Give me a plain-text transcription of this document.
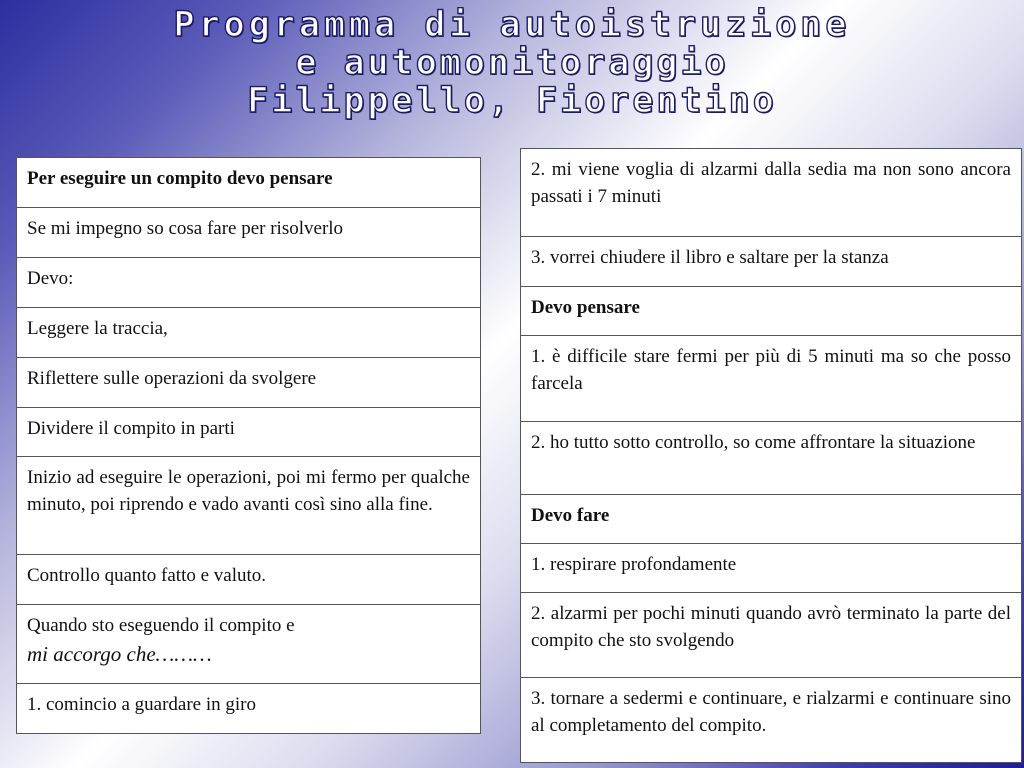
Programma di autoistruzione
e automonitoraggio
Filippello, Fiorentino
Per eseguire un compito devo pensare
Se mi impegno so cosa fare per risolverlo
Devo:
Leggere la traccia,
Riflettere sulle operazioni da svolgere
Dividere il compito in parti
Inizio ad eseguire le operazioni, poi mi fermo per qualche minuto, poi riprendo e vado avanti così sino alla fine.
Controllo quanto fatto e valuto.
Quando sto eseguendo il compito e
mi accorgo che………

1. comincio a guardare in giro
2. mi viene voglia di alzarmi dalla sedia ma non sono ancora passati i 7 minuti
3. vorrei chiudere il libro e saltare per la stanza
Devo pensare
1. è difficile stare fermi per più di 5 minuti ma so che posso farcela
2. ho tutto sotto controllo, so come affrontare la situazione
Devo fare
1. respirare profondamente
2. alzarmi per pochi minuti quando avrò terminato la parte del compito che sto svolgendo
3. tornare a sedermi e continuare, e rialzarmi e continuare sino al completamento del compito.
